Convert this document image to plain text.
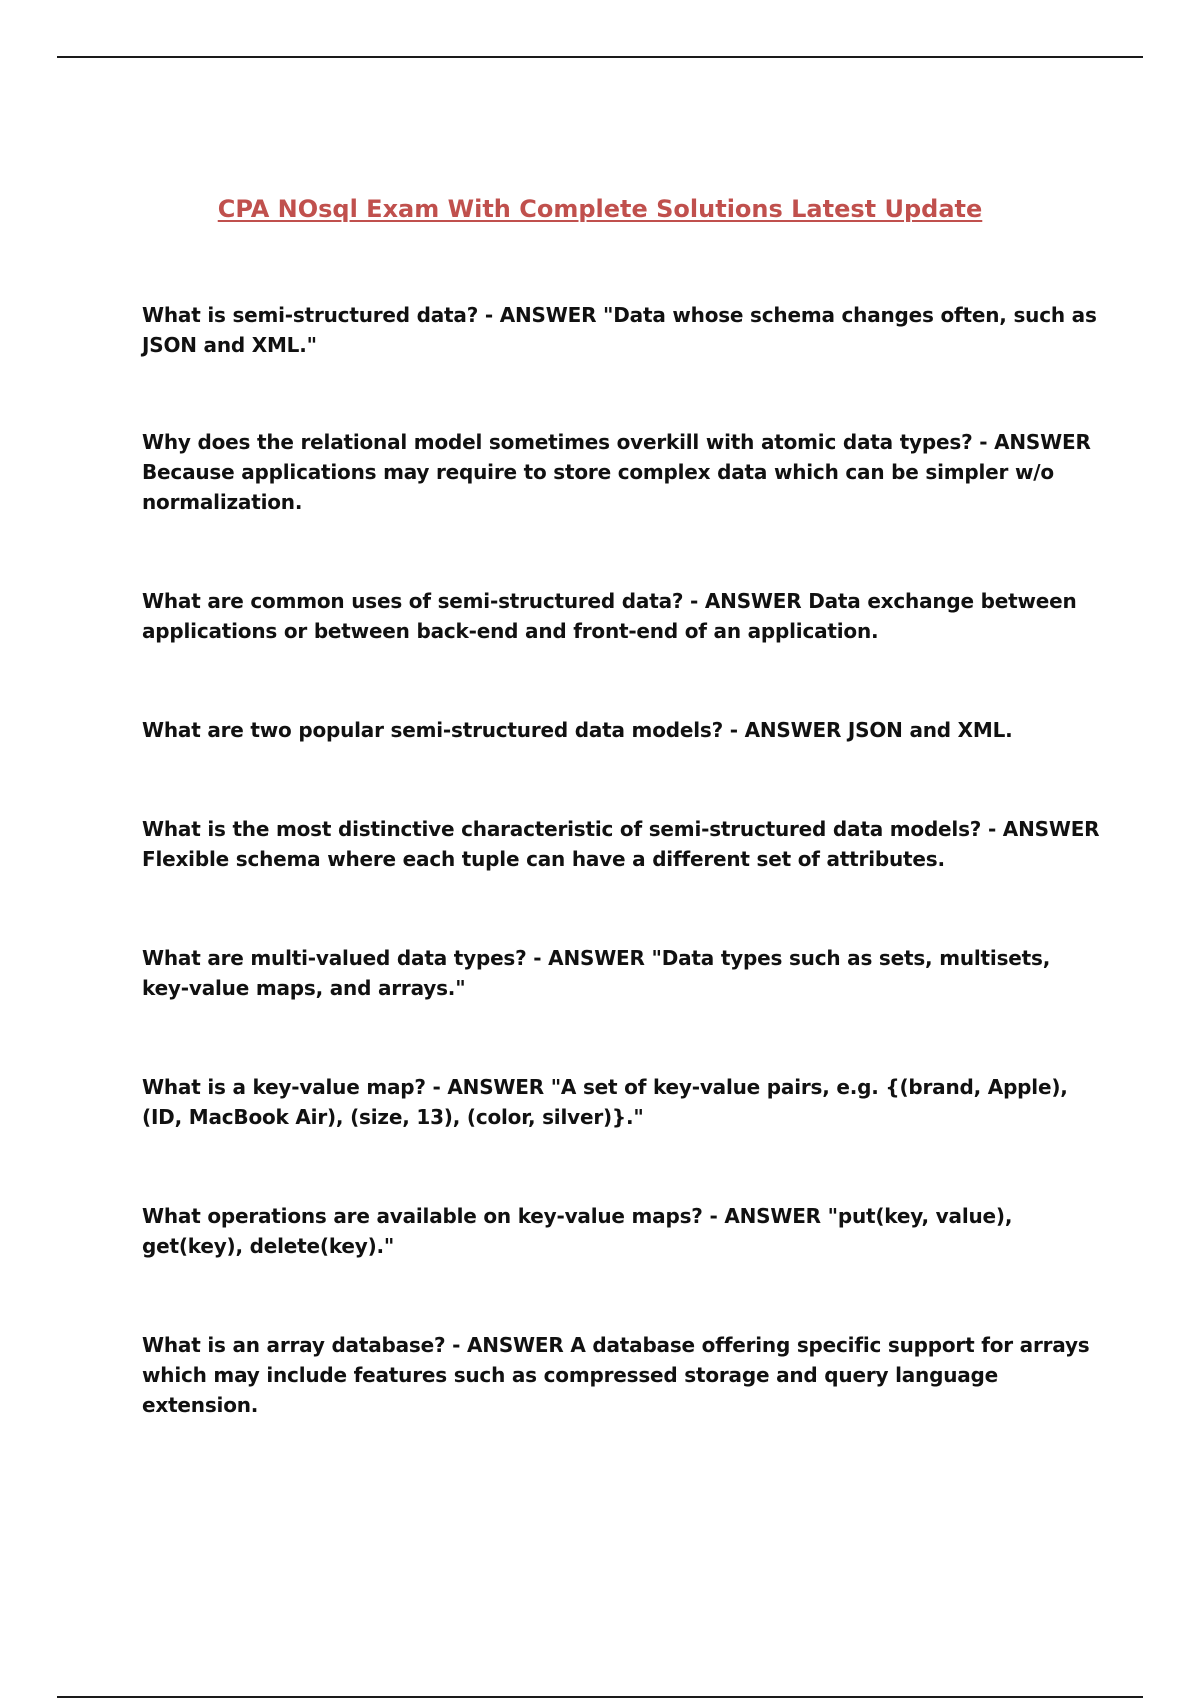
CPA NOsql Exam With Complete Solutions Latest Update

What is semi-structured data? - ANSWER "Data whose schema changes often, such as JSON and XML."

Why does the relational model sometimes overkill with atomic data types? - ANSWER Because applications may require to store complex data which can be simpler w/o normalization.

What are common uses of semi-structured data? - ANSWER Data exchange between applications or between back-end and front-end of an application.

What are two popular semi-structured data models? - ANSWER JSON and XML.

What is the most distinctive characteristic of semi-structured data models? - ANSWER Flexible schema where each tuple can have a different set of attributes.

What are multi-valued data types? - ANSWER "Data types such as sets, multisets, key-value maps, and arrays."

What is a key-value map? - ANSWER "A set of key-value pairs, e.g. {(brand, Apple), (ID, MacBook Air), (size, 13), (color, silver)}."

What operations are available on key-value maps? - ANSWER "put(key, value), get(key), delete(key)."

What is an array database? - ANSWER A database offering specific support for arrays which may include features such as compressed storage and query language extension.
